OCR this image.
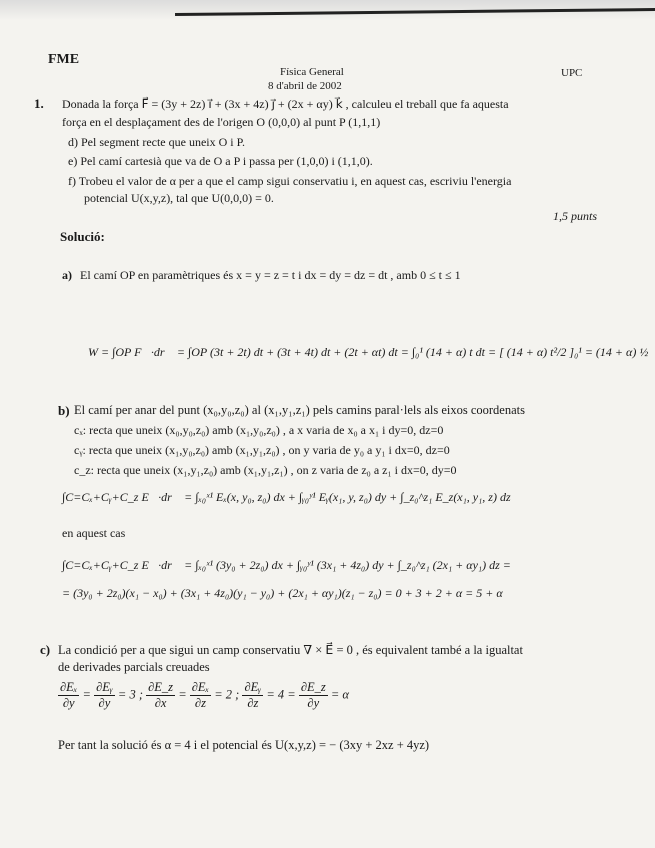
FME
Física General
8 d'abril de 2002
UPC
1. Donada la força F⃗ = (3y + 2z) i⃗ + (3x + 4z) j⃗ + (2x + αy) k⃗ , calculeu el treball que fa aquesta
força en el desplaçament des de l'origen O (0,0,0) al punt P (1,1,1)
d) Pel segment recte que uneix O i P.
e) Pel camí cartesià que va de O a P i passa per (1,0,0) i (1,1,0).
f) Trobeu el valor de α per a que el camp sigui conservatiu i, en aquest cas, escriviu l'energia
potencial U(x,y,z), tal que U(0,0,0) = 0.
1,5 punts
Solució:
a) El camí OP en paramètriques és x = y = z = t i dx = dy = dz = dt , amb 0 ≤ t ≤ 1
W = ∫OP F⃗·dr⃗ = ∫OP (3t + 2t) dt + (3t + 4t) dt + (2t + αt) dt = ∫₀¹ (14 + α) t dt = [ (14 + α) t²/2 ]₀¹ = (14 + α) ½
b) El camí per anar del punt (x₀,y₀,z₀) al (x₁,y₁,z₁) pels camins paral·lels als eixos coordenats
cₓ: recta que uneix (x₀,y₀,z₀) amb (x₁,y₀,z₀) , a x varia de x₀ a x₁ i dy=0, dz=0
cᵧ: recta que uneix (x₁,y₀,z₀) amb (x₁,y₁,z₀) , on y varia de y₀ a y₁ i dx=0, dz=0
c_z: recta que uneix (x₁,y₁,z₀) amb (x₁,y₁,z₁) , on z varia de z₀ a z₁ i dx=0, dy=0
∫C=Cₓ+Cᵧ+C_z E⃗·dr⃗ = ∫ₓ₀ˣ¹ Eₓ(x, y₀, z₀) dx + ∫ᵧ₀ʸ¹ Eᵧ(x₁, y, z₀) dy + ∫_z₀^z₁ E_z(x₁, y₁, z) dz
en aquest cas
∫C=Cₓ+Cᵧ+C_z E⃗·dr⃗ = ∫ₓ₀ˣ¹ (3y₀ + 2z₀) dx + ∫ᵧ₀ʸ¹ (3x₁ + 4z₀) dy + ∫_z₀^z₁ (2x₁ + αy₁) dz =
= (3y₀ + 2z₀)(x₁ − x₀) + (3x₁ + 4z₀)(y₁ − y₀) + (2x₁ + αy₁)(z₁ − z₀) = 0 + 3 + 2 + α = 5 + α
c) La condició per a que sigui un camp conservatiu ∇ × E⃗ = 0 , és equivalent també a la igualtat
de derivades parcials creuades
$\frac{\text{∂Eₓ}}{\partial y} = \frac{\text{∂Eᵧ}}{\partial y} = 3$ ; $\frac{\partial E\_z}{\partial x} = \frac{\text{∂Eₓ}}{\partial z} = 2$ ; $\frac{\text{∂Eᵧ}}{\partial z} = 4 = \frac{\partial E\_z}{\partial y} = \alpha$
Per tant la solució és α = 4 i el potencial és U(x,y,z) = − (3xy + 2xz + 4yz)
